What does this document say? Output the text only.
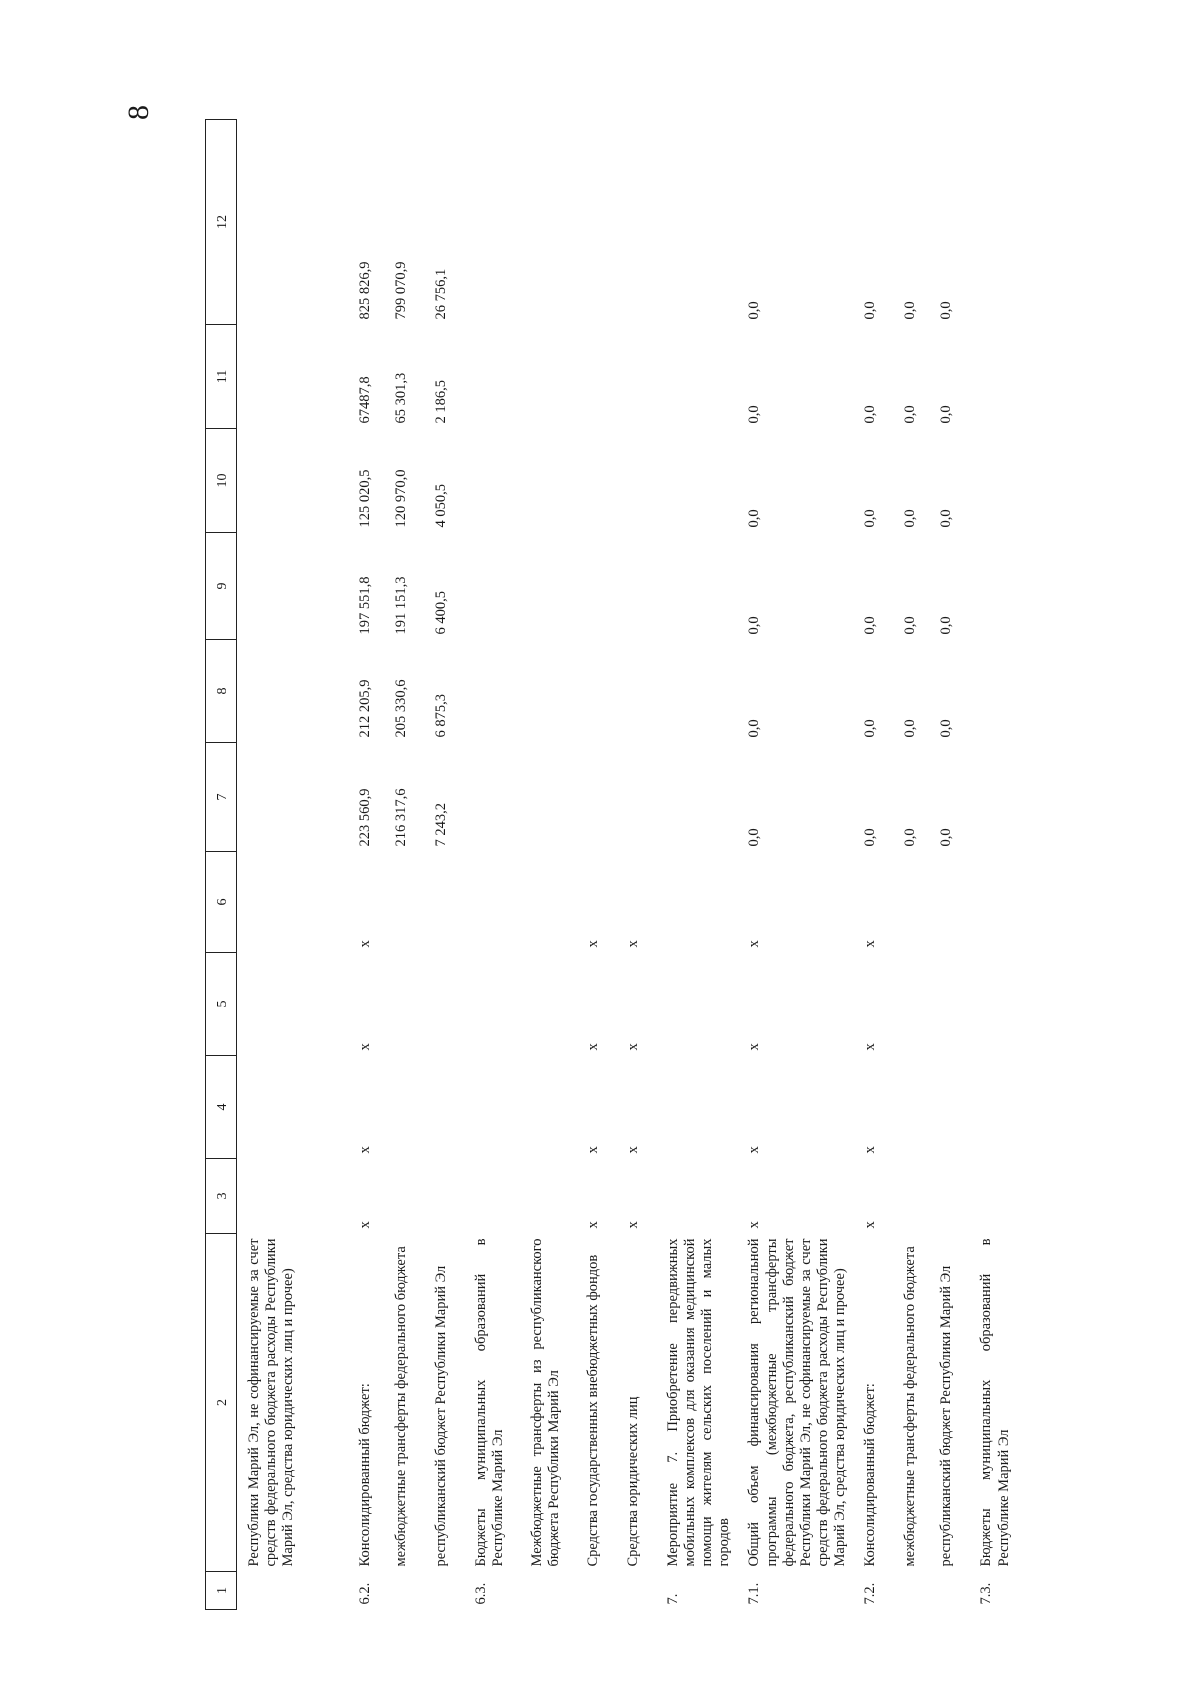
8
1	2	3	4	5	6	7	8	9	10	11	12
	Республики Марий Эл, не софинансируемые за счет средств федерального бюджета расходы Республики Марий Эл, средства юридических лиц и прочее)										
6.2.	Консолидированный бюджет:	х	х	х	х	223 560,9	212 205,9	197 551,8	125 020,5	67487,8	825 826,9
	межбюджетные трансферты федерального бюджета					216 317,6	205 330,6	191 151,3	120 970,0	65 301,3	799 070,9
	республиканский бюджет Республики Марий Эл					7 243,2	6 875,3	6 400,5	4 050,5	2 186,5	26 756,1
6.3.	Бюджеты муниципальных образований в Республике Марий Эл										
	Межбюджетные трансферты из республиканского бюджета Республики Марий Эл										
	Средства государственных внебюджетных фондов	х	х	х	х						
	Средства юридических лиц	х	х	х	х						
7.	Мероприятие 7. Приобретение передвижных мобильных комплексов для оказания медицинской помощи жителям сельских поселений и малых городов										
7.1.	Общий объем финансирования региональной программы (межбюджетные трансферты федерального бюджета, республиканский бюджет Республики Марий Эл, не софинансируемые за счет средств федерального бюджета расходы Республики Марий Эл, средства юридических лиц и прочее)	х	х	х	х	0,0	0,0	0,0	0,0	0,0	0,0
7.2.	Консолидированный бюджет:	х	х	х	х	0,0	0,0	0,0	0,0	0,0	0,0
	межбюджетные трансферты федерального бюджета					0,0	0,0	0,0	0,0	0,0	0,0
	республиканский бюджет Республики Марий Эл					0,0	0,0	0,0	0,0	0,0	0,0
7.3.	Бюджеты муниципальных образований в Республике Марий Эл										
